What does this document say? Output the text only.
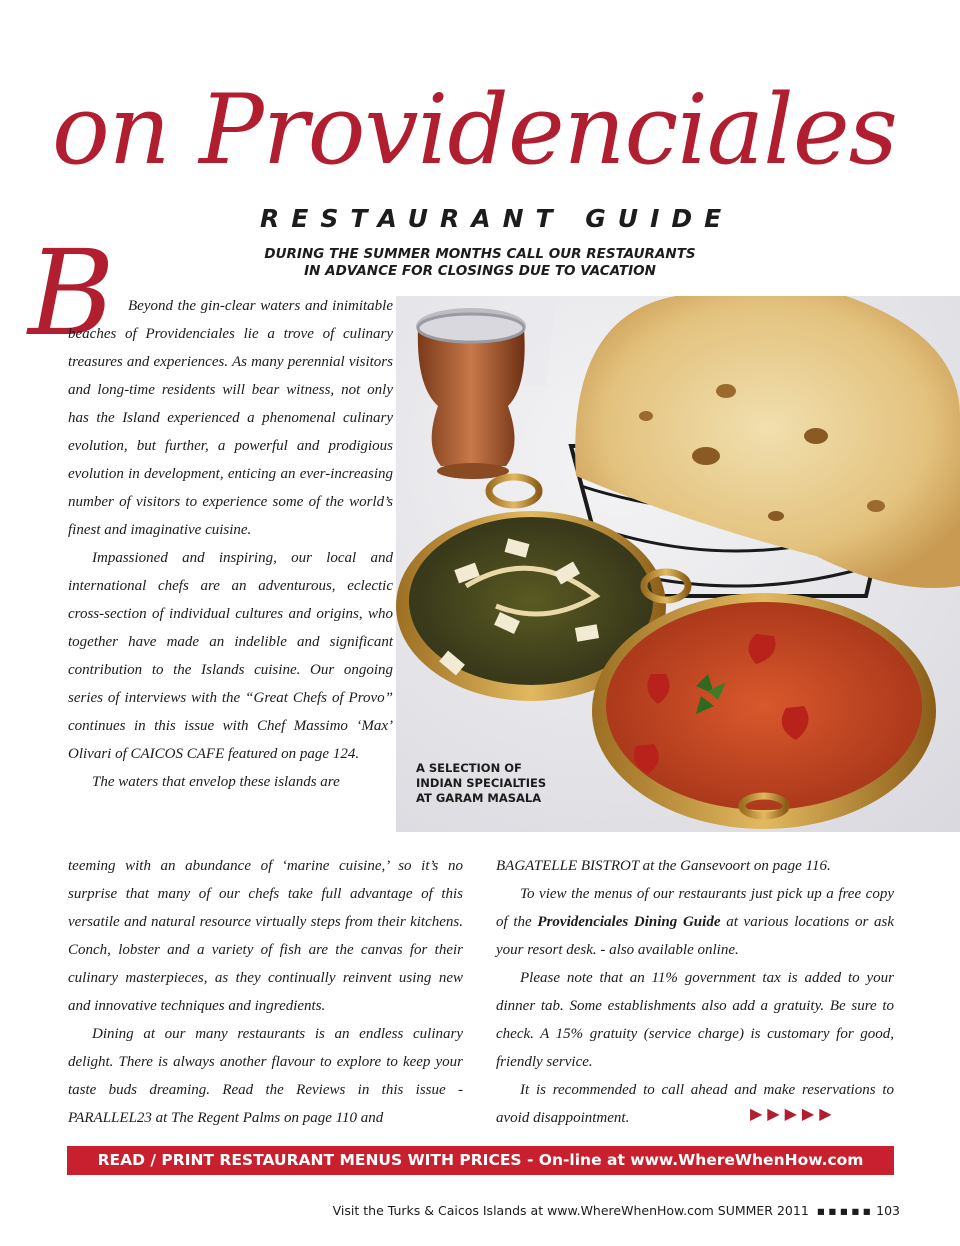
on Providenciales
RESTAURANT GUIDE
DURING THE SUMMER MONTHS CALL OUR RESTAURANTS
IN ADVANCE FOR CLOSINGS DUE TO VACATION
B Beyond the gin-clear waters and inimitable beaches of Providenciales lie a trove of culinary treasures and experiences. As many perennial visitors and long-time residents will bear witness, not only has the Island experienced a phenomenal culinary evolution, but further, a powerful and prodigious evolution in development, enticing an ever-increasing number of visitors to experience some of the world’s finest and imaginative cuisine.

Impassioned and inspiring, our local and international chefs are an adventurous, eclectic cross-section of individual cultures and origins, who together have made an indelible and significant contribution to the Islands cuisine. Our ongoing series of interviews with the “Great Chefs of Provo” continues in this issue with Chef Massimo ‘Max’ Olivari of CAICOS CAFE featured on page 124.

The waters that envelop these islands are

A SELECTION OF
INDIAN SPECIALTIES
AT GARAM MASALA

teeming with an abundance of ‘marine cuisine,’ so it’s no surprise that many of our chefs take full advantage of this versatile and natural resource virtually steps from their kitchens. Conch, lobster and a variety of fish are the canvas for their culinary masterpieces, as they continually reinvent using new and innovative techniques and ingredients.

Dining at our many restaurants is an endless culinary delight. There is always another flavour to explore to keep your taste buds dreaming. Read the Reviews in this issue - PARALLEL23 at The Regent Palms on page 110 and

BAGATELLE BISTROT at the Gansevoort on page 116.

To view the menus of our restaurants just pick up a free copy of the Providenciales Dining Guide at various locations or ask your resort desk. - also available online.

Please note that an 11% government tax is added to your dinner tab. Some establishments also add a gratuity. Be sure to check. A 15% gratuity (service charge) is customary for good, friendly service.

It is recommended to call ahead and make reservations to avoid disappointment.	▶▶▶▶▶
READ / PRINT RESTAURANT MENUS WITH PRICES - On-line at www.WhereWhenHow.com
Visit the Turks & Caicos Islands at www.WhereWhenHow.com SUMMER 2011 ▪▪▪▪▪ 103
